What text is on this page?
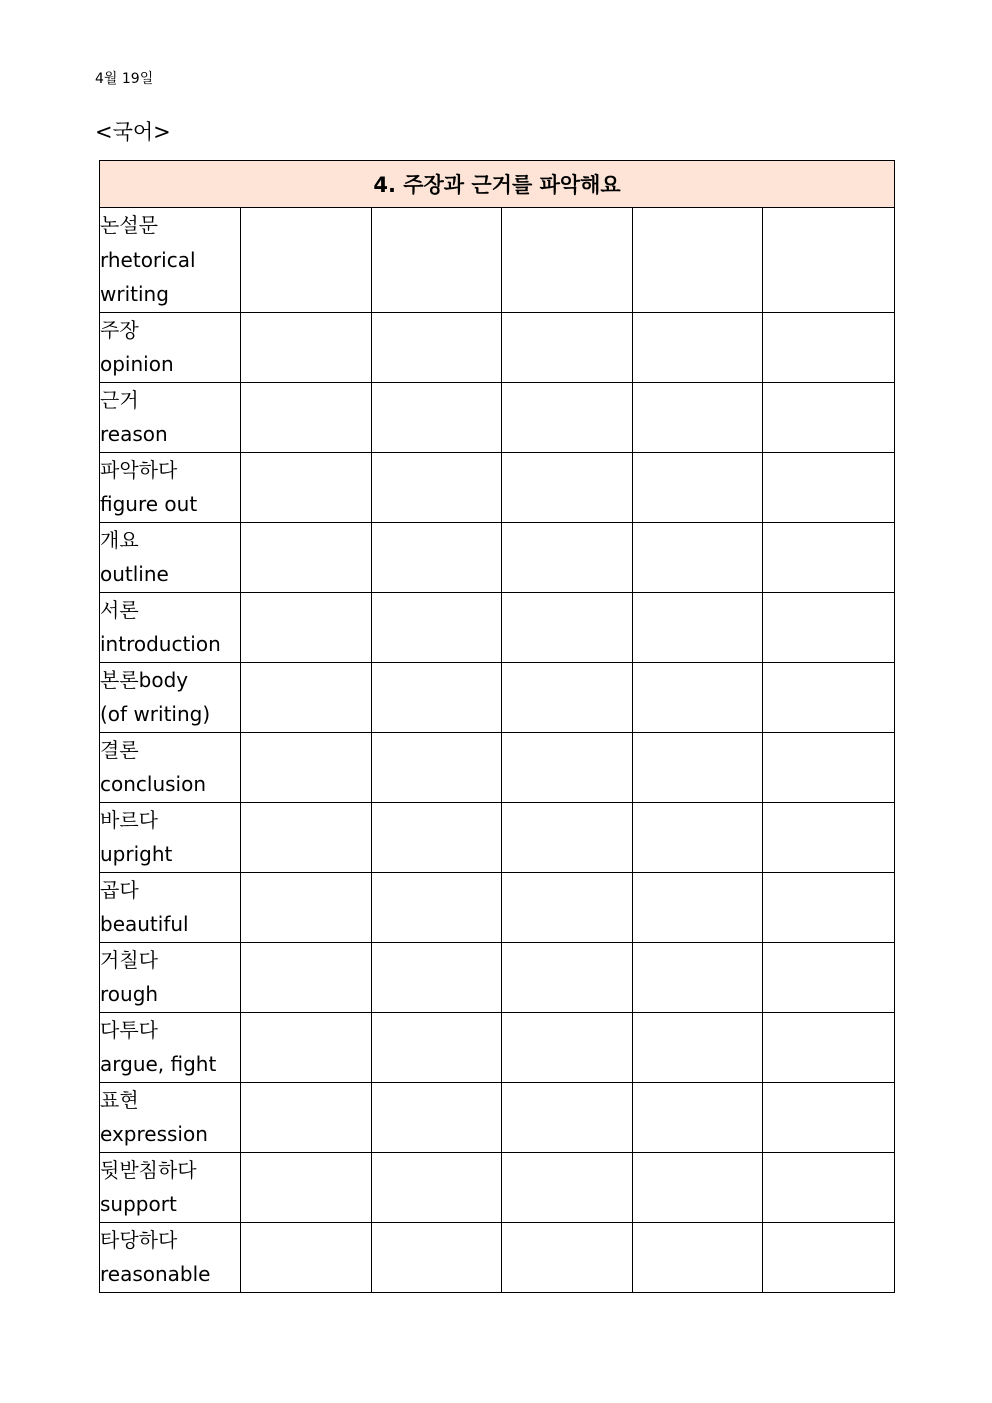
4월 19일
<국어>
4. 주장과 근거를 파악해요					

논설문
rhetorical
writing					

주장
opinion					

근거
reason					

파악하다
figure out					

개요
outline					

서론
introduction					

본론body
(of writing)					

결론
conclusion					

바르다
upright					

곱다
beautiful					

거칠다
rough					

다투다
argue, fight					

표현
expression					

뒷받침하다
support					

타당하다
reasonable					
